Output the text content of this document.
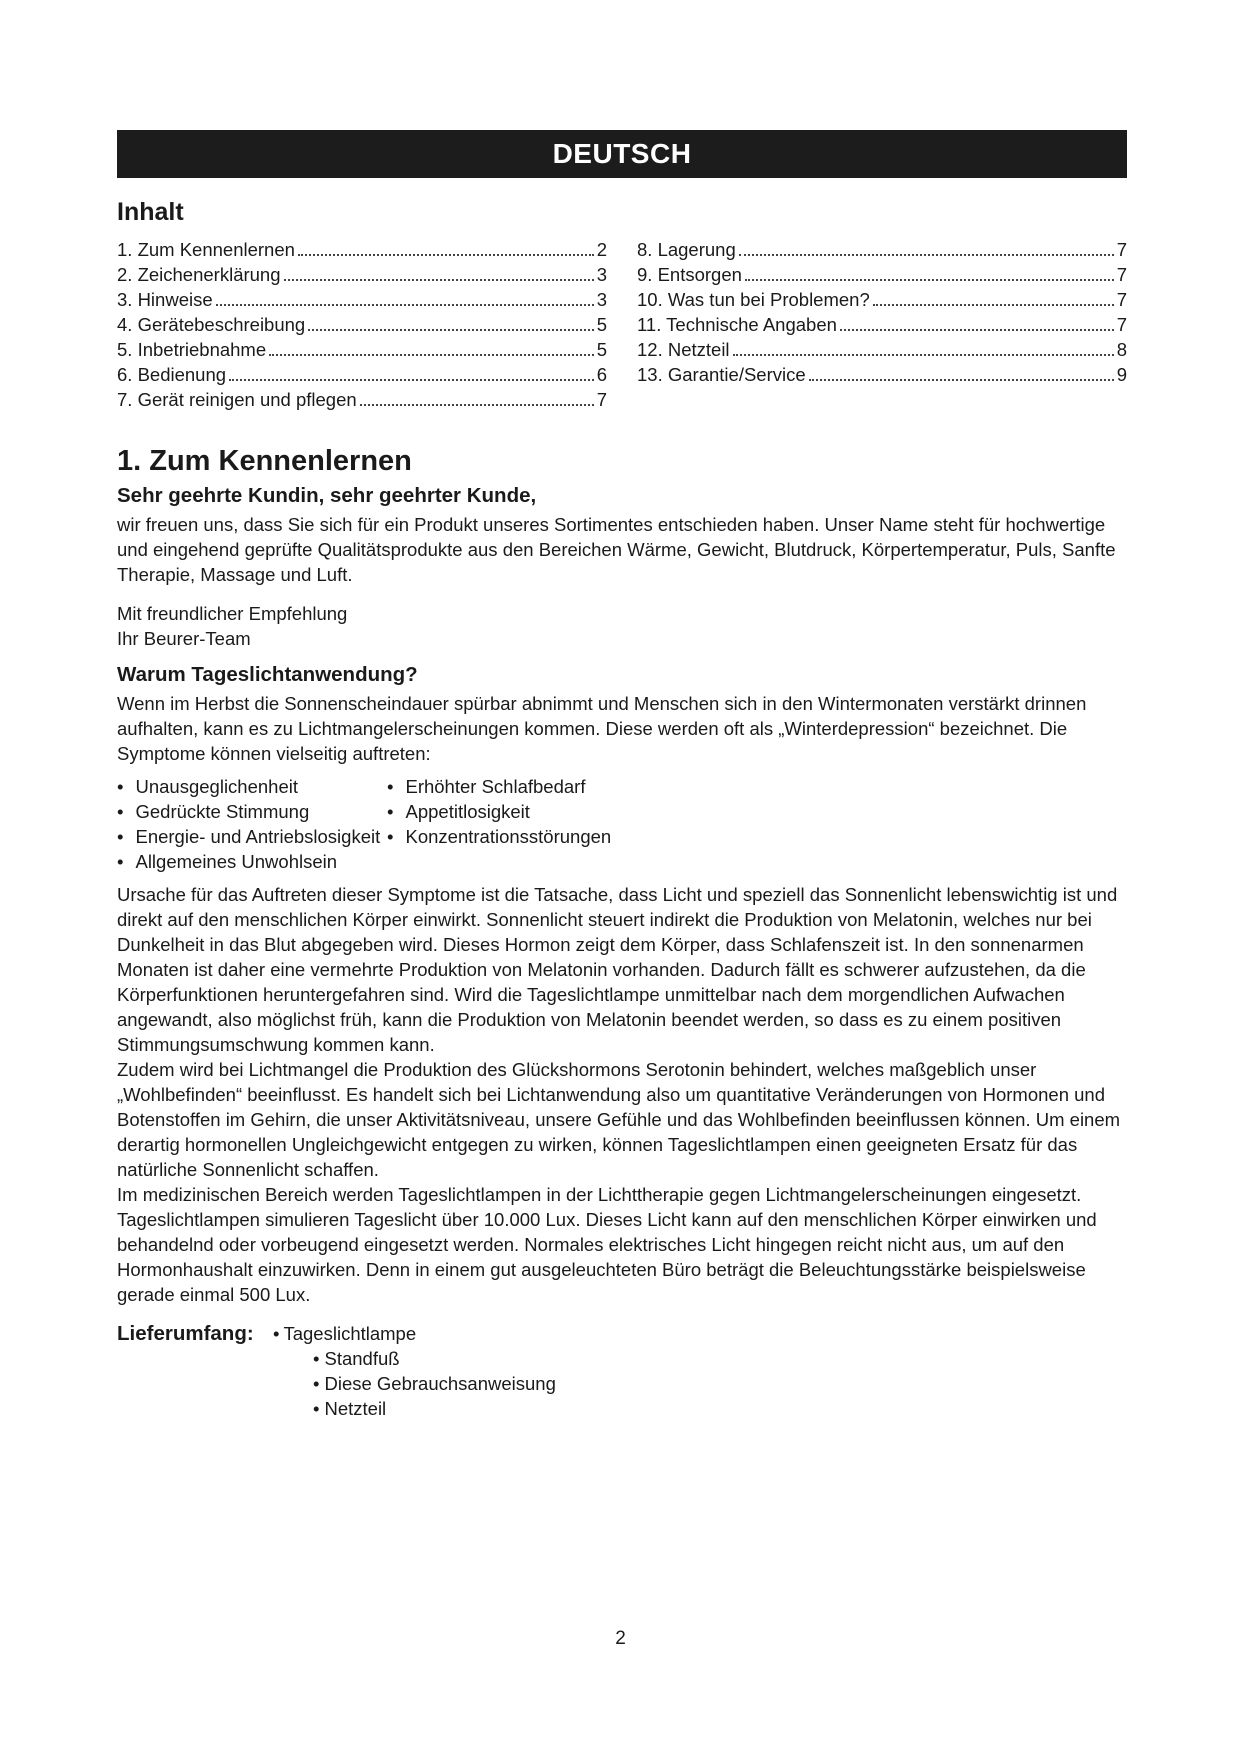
DEUTSCH
Inhalt
1. Zum Kennenlernen	2
2. Zeichenerklärung	3
3. Hinweise	3
4. Gerätebeschreibung	5
5. Inbetriebnahme	5
6. Bedienung	6
7. Gerät reinigen und pflegen	7
8. Lagerung	7
9. Entsorgen	7
10. Was tun bei Problemen?	7
11. Technische Angaben	7
12. Netzteil	8
13. Garantie/Service	9
1. Zum Kennenlernen
Sehr geehrte Kundin, sehr geehrter Kunde,

wir freuen uns, dass Sie sich für ein Produkt unseres Sortimentes entschieden haben. Unser Name steht für hochwertige und eingehend geprüfte Qualitätsprodukte aus den Bereichen Wärme, Gewicht, Blutdruck, Körpertemperatur, Puls, Sanfte Therapie, Massage und Luft.

Mit freundlicher Empfehlung
Ihr Beurer-Team

Warum Tageslichtanwendung?

Wenn im Herbst die Sonnenscheindauer spürbar abnimmt und Menschen sich in den Wintermonaten verstärkt drinnen aufhalten, kann es zu Lichtmangelerscheinungen kommen. Diese werden oft als „Winterdepression“ bezeichnet. Die Symptome können vielseitig auftreten:

• Unausgeglichenheit	• Erhöhter Schlafbedarf
• Gedrückte Stimmung	• Appetitlosigkeit
• Energie- und Antriebslosigkeit	• Konzentrationsstörungen
• Allgemeines Unwohlsein

Ursache für das Auftreten dieser Symptome ist die Tatsache, dass Licht und speziell das Sonnenlicht lebenswichtig ist und direkt auf den menschlichen Körper einwirkt. Sonnenlicht steuert indirekt die Produktion von Melatonin, welches nur bei Dunkelheit in das Blut abgegeben wird. Dieses Hormon zeigt dem Körper, dass Schlafenszeit ist. In den sonnenarmen Monaten ist daher eine vermehrte Produktion von Melatonin vorhanden. Dadurch fällt es schwerer aufzustehen, da die Körperfunktionen heruntergefahren sind. Wird die Tageslichtlampe unmittelbar nach dem morgendlichen Aufwachen angewandt, also möglichst früh, kann die Produktion von Melatonin beendet werden, so dass es zu einem positiven Stimmungsumschwung kommen kann.

Zudem wird bei Lichtmangel die Produktion des Glückshormons Serotonin behindert, welches maßgeblich unser „Wohlbefinden“ beeinflusst. Es handelt sich bei Lichtanwendung also um quantitative Veränderungen von Hormonen und Botenstoffen im Gehirn, die unser Aktivitätsniveau, unsere Gefühle und das Wohlbefinden beeinflussen können. Um einem derartig hormonellen Ungleichgewicht entgegen zu wirken, können Tageslichtlampen einen geeigneten Ersatz für das natürliche Sonnenlicht schaffen.

Im medizinischen Bereich werden Tageslichtlampen in der Lichttherapie gegen Lichtmangelerscheinungen eingesetzt. Tageslichtlampen simulieren Tageslicht über 10.000 Lux. Dieses Licht kann auf den menschlichen Körper einwirken und behandelnd oder vorbeugend eingesetzt werden. Normales elektrisches Licht hingegen reicht nicht aus, um auf den Hormonhaushalt einzuwirken. Denn in einem gut ausgeleuchteten Büro beträgt die Beleuchtungsstärke beispielsweise gerade einmal 500 Lux.

Lieferumfang:	• Tageslichtlampe
• Standfuß
• Diese Gebrauchsanweisung
• Netzteil
2
